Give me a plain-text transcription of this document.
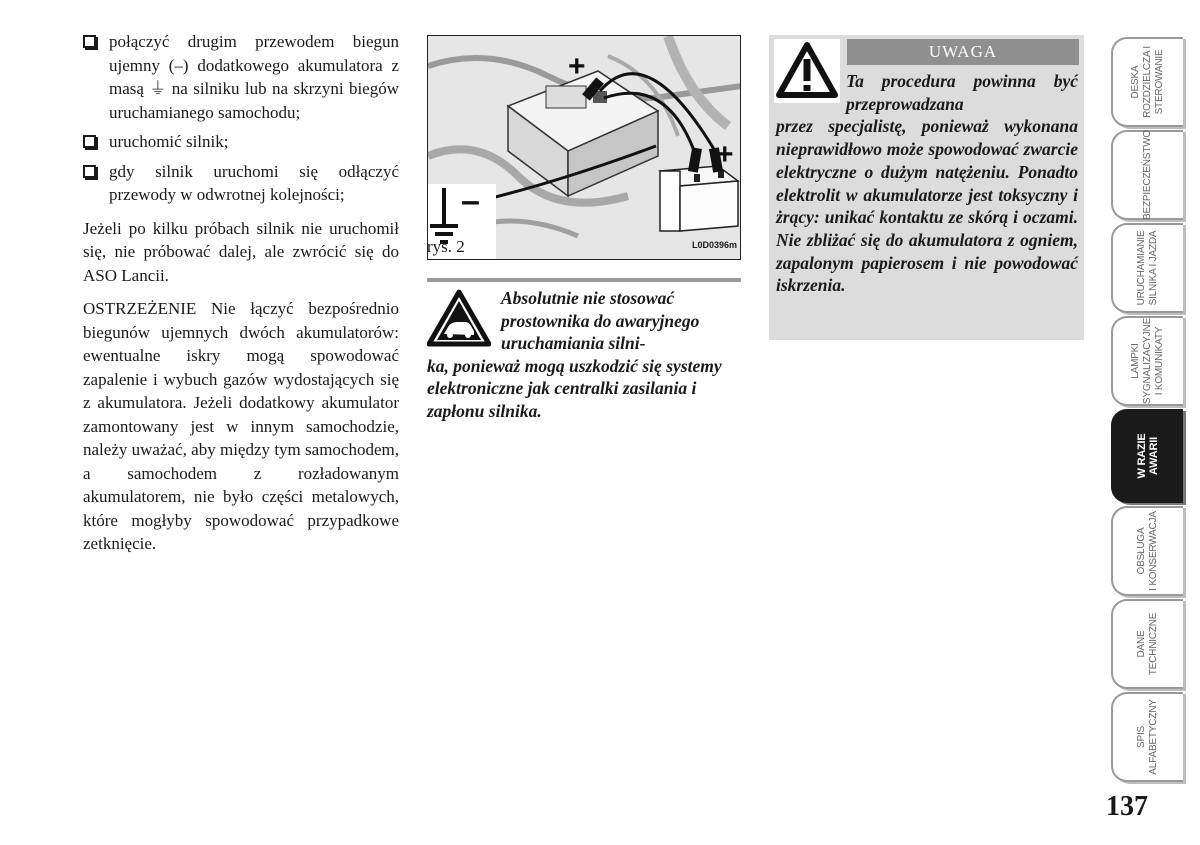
połączyć drugim przewodem biegun ujemny (–) dodatkowego akumulatora z masą ⏚ na silniku lub na skrzyni biegów uruchamianego samochodu;
uruchomić silnik;
gdy silnik uruchomi się odłączyć przewody w odwrotnej kolejności;

Jeżeli po kilku próbach silnik nie uruchomił się, nie próbować dalej, ale zwrócić się do ASO Lancii.

OSTRZEŻENIE Nie łączyć bezpośrednio biegunów ujemnych dwóch akumulatorów: ewentualne iskry mogą spowodować zapalenie i wybuch gazów wydostających się z akumulatora. Jeżeli dodatkowy akumulator zamontowany jest w innym samochodzie, należy uważać, aby między tym samochodem, a samochodem z rozładowanym akumulatorem, nie było części metalowych, które mogłyby spowodować przypadkowe zetknięcie.

–
+
+
rys. 2	L0D0396m
Absolutnie nie stosować prostownika do awaryjnego uruchamiania silni-
ka, ponieważ mogą uszkodzić się systemy elektroniczne jak centralki zasilania i zapłonu silnika.
UWAGA
Ta procedura powinna być przeprowadzana
przez specjalistę, ponieważ wykonana nieprawidłowo może spowodować zwarcie elektryczne o dużym natężeniu. Ponadto elektrolit w akumulatorze jest toksyczny i żrący: unikać kontaktu ze skórą i oczami. Nie zbliżać się do akumulatora z ogniem, zapalonym papierosem i nie powodować iskrzenia.
DESKA
ROZDZIELCZA I
STEROWANIE
BEZPIECZEŃSTWO
URUCHAMIANIE
SILNIKA I JAZDA
LAMPKI
SYGNALIZACYJNE
I KOMUNIKATY
W RAZIE
AWARII
OBSŁUGA
I KONSERWACJA
DANE
TECHNICZNE
SPIS
ALFABETYCZNY
137
